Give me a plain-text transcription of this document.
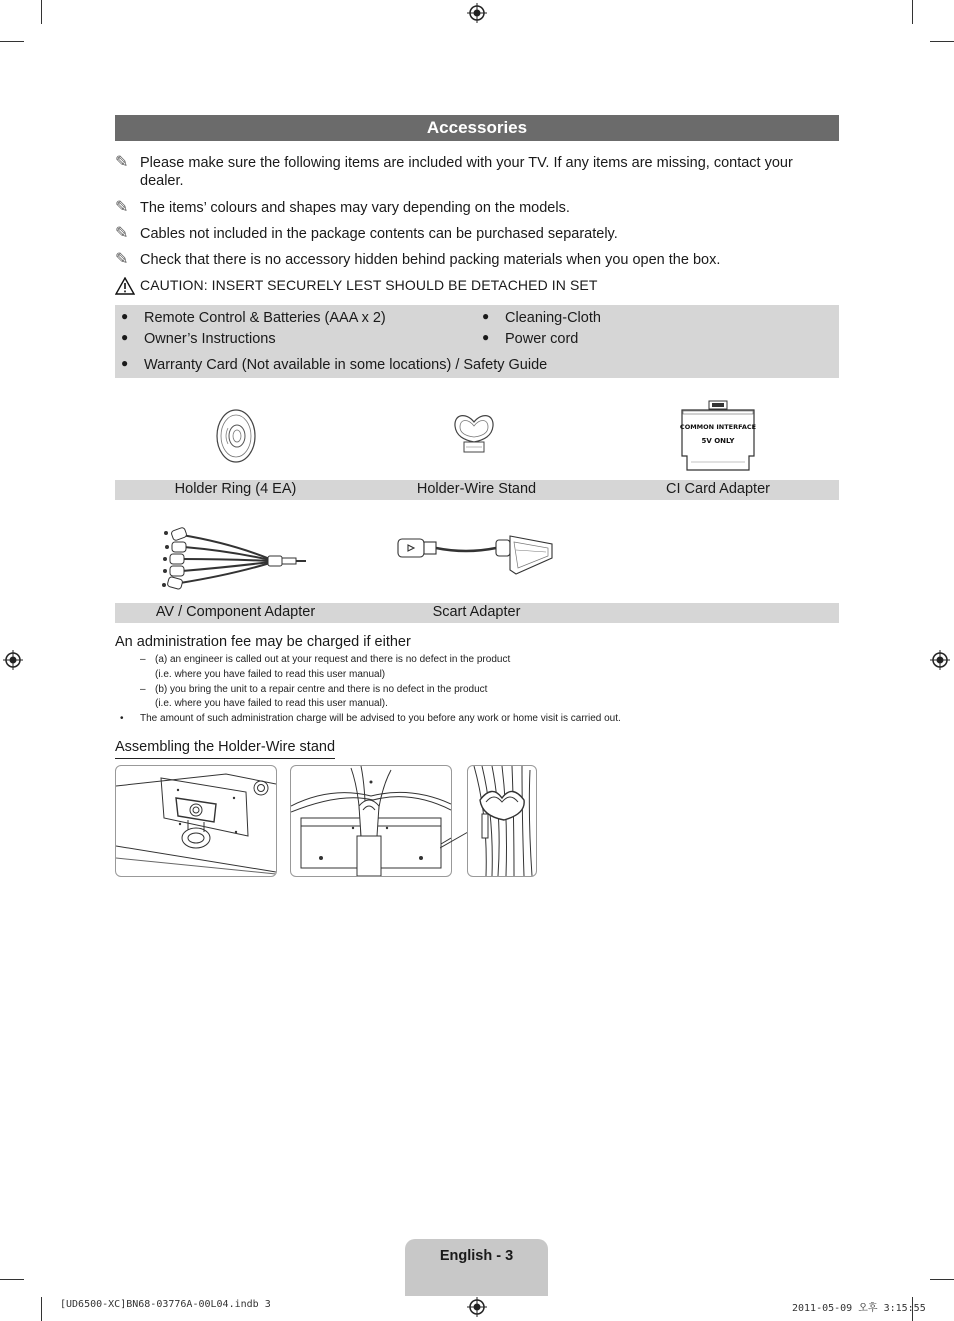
Accessories
✎ Please make sure the following items are included with your TV. If any items are missing, contact your dealer.
✎ The items’ colours and shapes may vary depending on the models.
✎ Cables not included in the package contents can be purchased separately.
✎ Check that there is no accessory hidden behind packing materials when you open the box.
CAUTION: INSERT SECURELY LEST SHOULD BE DETACHED IN SET
● Remote Control & Batteries (AAA x 2)
● Owner’s Instructions
● Cleaning-Cloth
● Power cord
● Warranty Card (Not available in some locations) / Safety Guide
COMMON INTERFACE
5V ONLY
Holder Ring (4 EA)	Holder-Wire Stand	CI Card Adapter
AV / Component Adapter	Scart Adapter
An administration fee may be charged if either
– (a) an engineer is called out at your request and there is no defect in the product
(i.e. where you have failed to read this user manual)
– (b) you bring the unit to a repair centre and there is no defect in the product
(i.e. where you have failed to read this user manual).
• The amount of such administration charge will be advised to you before any work or home visit is carried out.
Assembling the Holder-Wire stand
English - 3
[UD6500-XC]BN68-03776A-00L04.indb 3	2011-05-09 오후 3:15:55
